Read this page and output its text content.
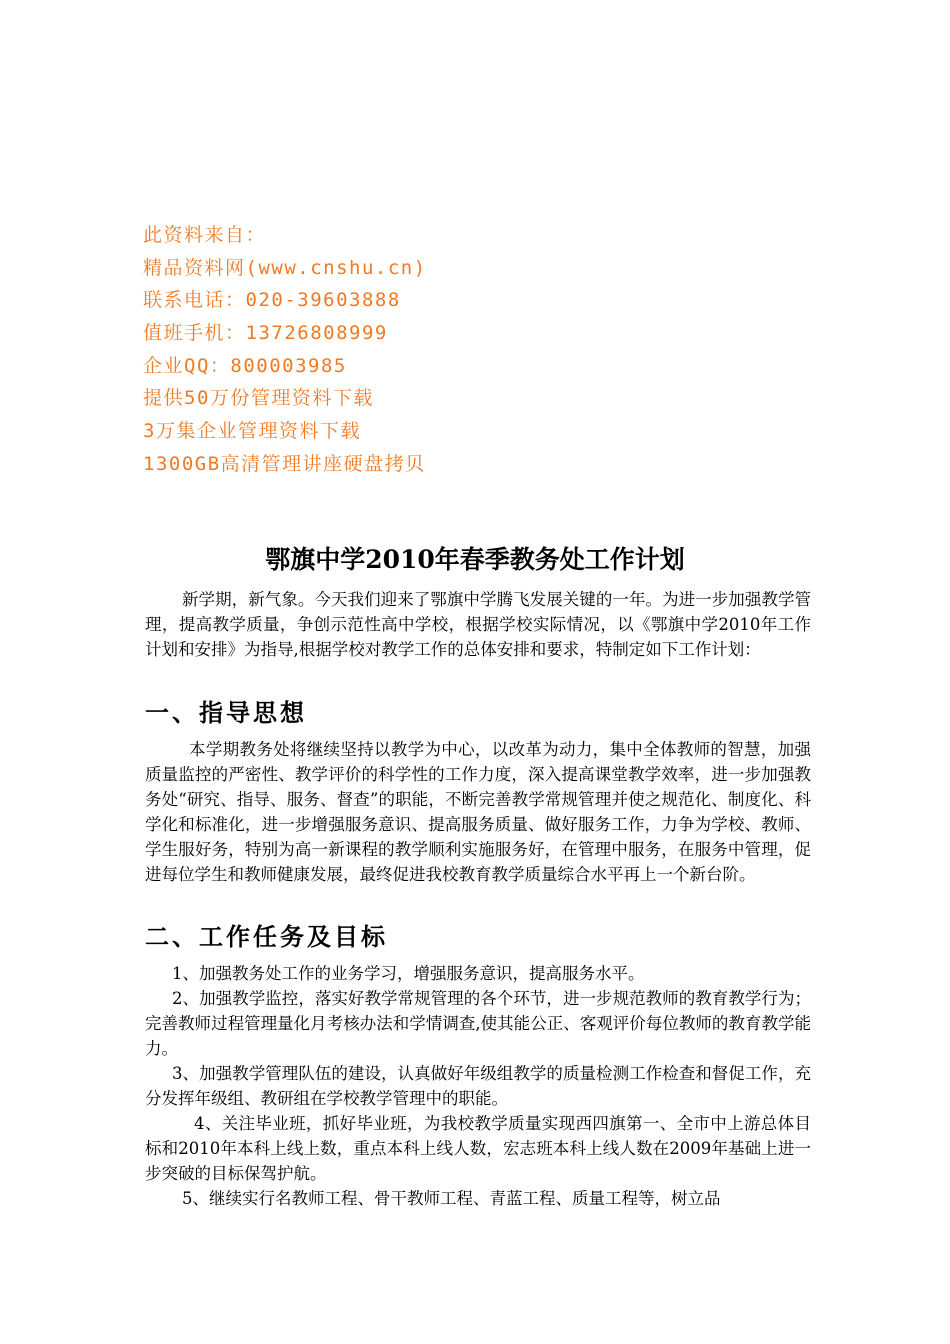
此资料来自：
精品资料网(www.cnshu.cn)
联系电话：020-39603888
值班手机：13726808999
企业QQ：800003985
提供50万份管理资料下载
3万集企业管理资料下载
1300GB高清管理讲座硬盘拷贝
鄂旗中学2010年春季教务处工作计划

新学期，新气象。今天我们迎来了鄂旗中学腾飞发展关键的一年。为进一步加强教学管理，提高教学质量，争创示范性高中学校，根据学校实际情况，以《鄂旗中学2010年工作计划和安排》为指导,根据学校对教学工作的总体安排和要求，特制定如下工作计划：

一、指导思想

本学期教务处将继续坚持以教学为中心，以改革为动力，集中全体教师的智慧，加强质量监控的严密性、教学评价的科学性的工作力度，深入提高课堂教学效率，进一步加强教务处“研究、指导、服务、督查”的职能，不断完善教学常规管理并使之规范化、制度化、科学化和标准化，进一步增强服务意识、提高服务质量、做好服务工作，力争为学校、教师、学生服好务，特别为高一新课程的教学顺利实施服务好，在管理中服务，在服务中管理，促进每位学生和教师健康发展，最终促进我校教育教学质量综合水平再上一个新台阶。

二、工作任务及目标

1、加强教务处工作的业务学习，增强服务意识，提高服务水平。

2、加强教学监控，落实好教学常规管理的各个环节，进一步规范教师的教育教学行为；完善教师过程管理量化月考核办法和学情调查,使其能公正、客观评价每位教师的教育教学能力。

3、加强教学管理队伍的建设，认真做好年级组教学的质量检测工作检查和督促工作，充分发挥年级组、教研组在学校教学管理中的职能。

4、关注毕业班，抓好毕业班，为我校教学质量实现西四旗第一、全市中上游总体目标和2010年本科上线上数，重点本科上线人数，宏志班本科上线人数在2009年基础上进一步突破的目标保驾护航。

5、继续实行名教师工程、骨干教师工程、青蓝工程、质量工程等，树立品
